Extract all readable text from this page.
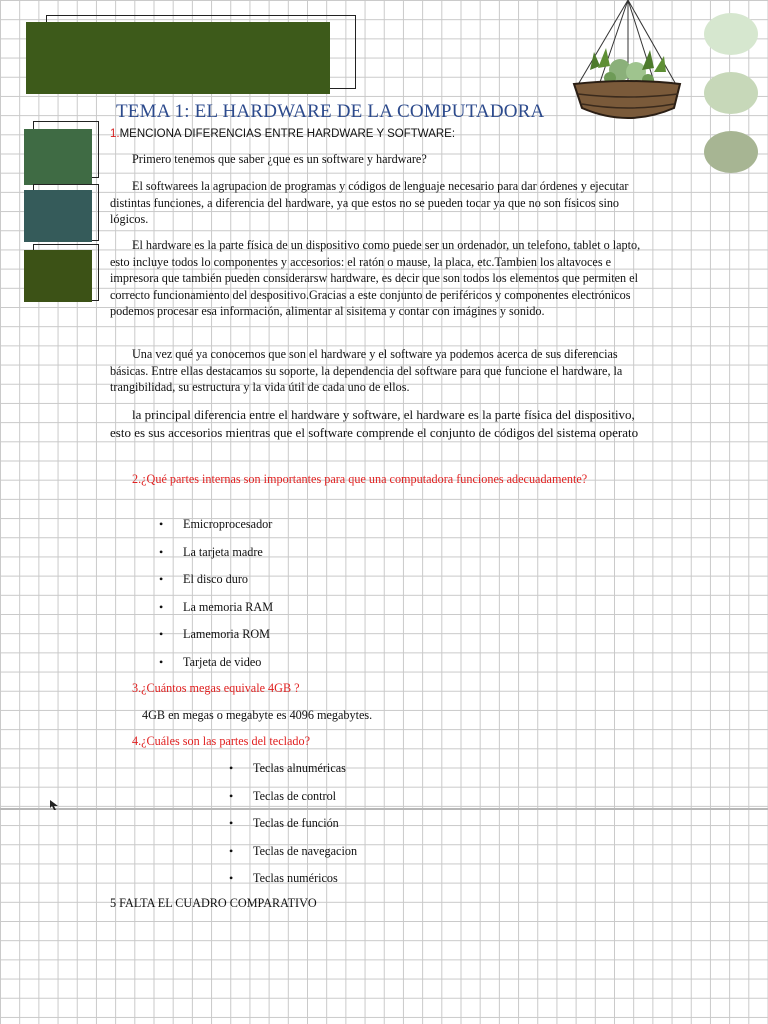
TEMA 1: EL HARDWARE DE LA COMPUTADORA
1.MENCIONA DIFERENCIAS ENTRE HARDWARE Y SOFTWARE:
Primero tenemos que saber ¿que es un software y hardware?
El softwarees la agrupacion de programas y códigos de lenguaje necesario para dar órdenes y ejecutar distintas funciones, a diferencia del hardware, ya que estos no se pueden tocar ya que no son físicos sino lógicos.
El hardware es la parte física de un dispositivo como puede ser un ordenador, un telefono, tablet o lapto, esto incluye todos lo componentes y accesorios: el ratón o mause, la placa, etc.Tambien los altavoces e impresora que también pueden considerarsw hardware, es decir que son todos los elementos que permiten el correcto funcionamiento del despositivo.Gracias a este conjunto de periféricos y componentes electrónicos podemos procesar esa información, alimentar al sisitema y contar con imágines y sonido.
Una vez qué ya conocemos que son el hardware y el software ya podemos acerca de sus diferencias básicas. Entre ellas destacamos su soporte, la dependencia del software para que funcione el hardware, la trangibilidad, su estructura y la vida útil de cada uno de ellos.
la principal diferencia entre el hardware y software, el hardware es la parte física del dispositivo, esto es sus accesorios mientras que el software comprende el conjunto de códigos del sistema operato
2.¿Qué partes internas son importantes para que una computadora funciones adecuadamente?
• Emicroprocesador
• La tarjeta madre
• El disco duro
• La memoria RAM
• Lamemoria ROM
• Tarjeta de video
3.¿Cuántos megas equivale 4GB ?
4GB en megas o megabyte es 4096 megabytes.
4.¿Cuáles son las partes del teclado?
• Teclas alnuméricas
• Teclas de control
• Teclas de función
• Teclas de navegacion
• Teclas numéricos
5 FALTA EL CUADRO COMPARATIVO
